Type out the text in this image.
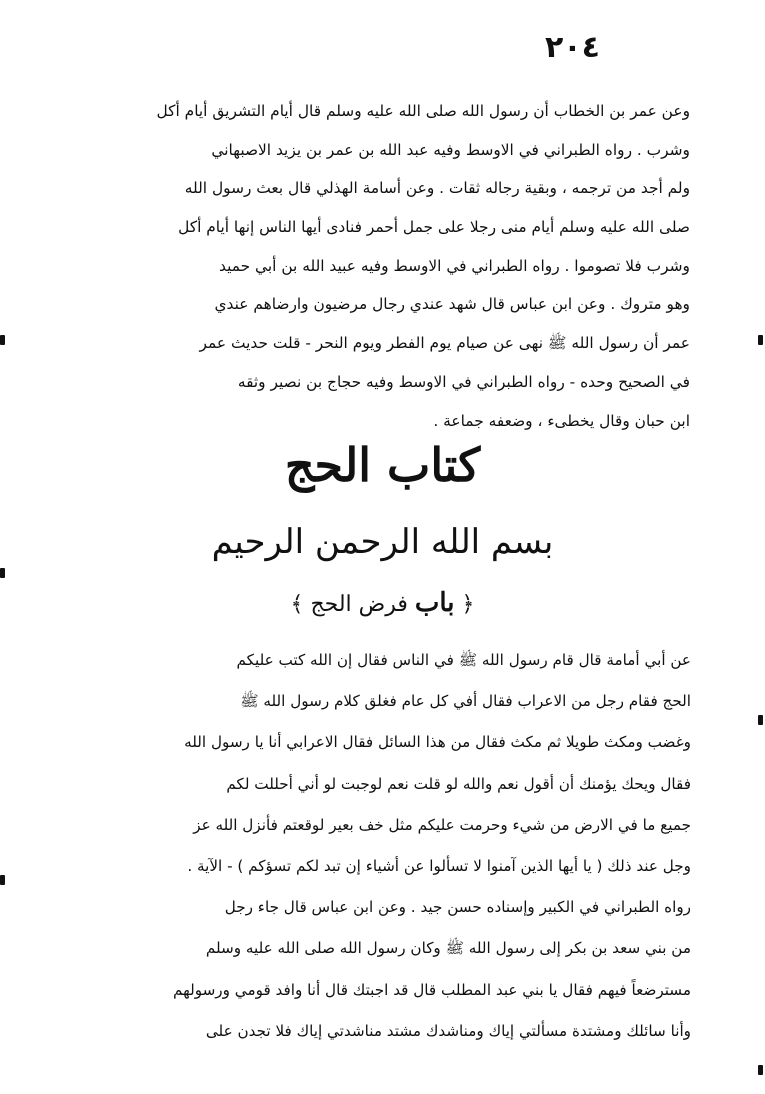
٢٠٤
وعن عمر بن الخطاب أن رسول الله صلى الله عليه وسلم قال أيام التشريق أيام أكل
وشرب . رواه الطبراني في الاوسط وفيه عبد الله بن عمر بن يزيد الاصبهاني
ولم أجد من ترجمه ، وبقية رجاله ثقات . وعن أسامة الهذلي قال بعث رسول الله
صلى الله عليه وسلم أيام منى رجلا على جمل أحمر فنادى أيها الناس إنها أيام أكل
وشرب فلا تصوموا . رواه الطبراني في الاوسط وفيه عبيد الله بن أبي حميد
وهو متروك . وعن ابن عباس قال شهد عندي رجال مرضيون وارضاهم عندي
عمر أن رسول الله ﷺ نهى عن صيام يوم الفطر ويوم النحر - قلت حديث عمر
في الصحيح وحده - رواه الطبراني في الاوسط وفيه حجاج بن نصير وثقه
ابن حبان وقال يخطىء ، وضعفه جماعة .
كتاب الحج
بسم الله الرحمن الرحيم
﴿ باب فرض الحج ﴾
عن أبي أمامة قال قام رسول الله ﷺ في الناس فقال إن الله كتب عليكم
الحج فقام رجل من الاعراب فقال أفي كل عام فغلق كلام رسول الله ﷺ
وغضب ومكث طويلا ثم مكث فقال من هذا السائل فقال الاعرابي أنا يا رسول الله
فقال ويحك يؤمنك أن أقول نعم والله لو قلت نعم لوجبت لو أني أحللت لكم
جميع ما في الارض من شيء وحرمت عليكم مثل خف بعير لوقعتم فأنزل الله عز
وجل عند ذلك ( يا أيها الذين آمنوا لا تسألوا عن أشياء إن تبد لكم تسؤكم ) - الآية .
رواه الطبراني في الكبير وإسناده حسن جيد . وعن ابن عباس قال جاء رجل
من بني سعد بن بكر إلى رسول الله ﷺ وكان رسول الله صلى الله عليه وسلم
مسترضعاً فيهم فقال يا بني عبد المطلب قال قد اجبتك قال أنا وافد قومي ورسولهم
وأنا سائلك ومشتدة مسألتي إياك ومناشدك مشتد مناشدتي إياك فلا تجدن على
